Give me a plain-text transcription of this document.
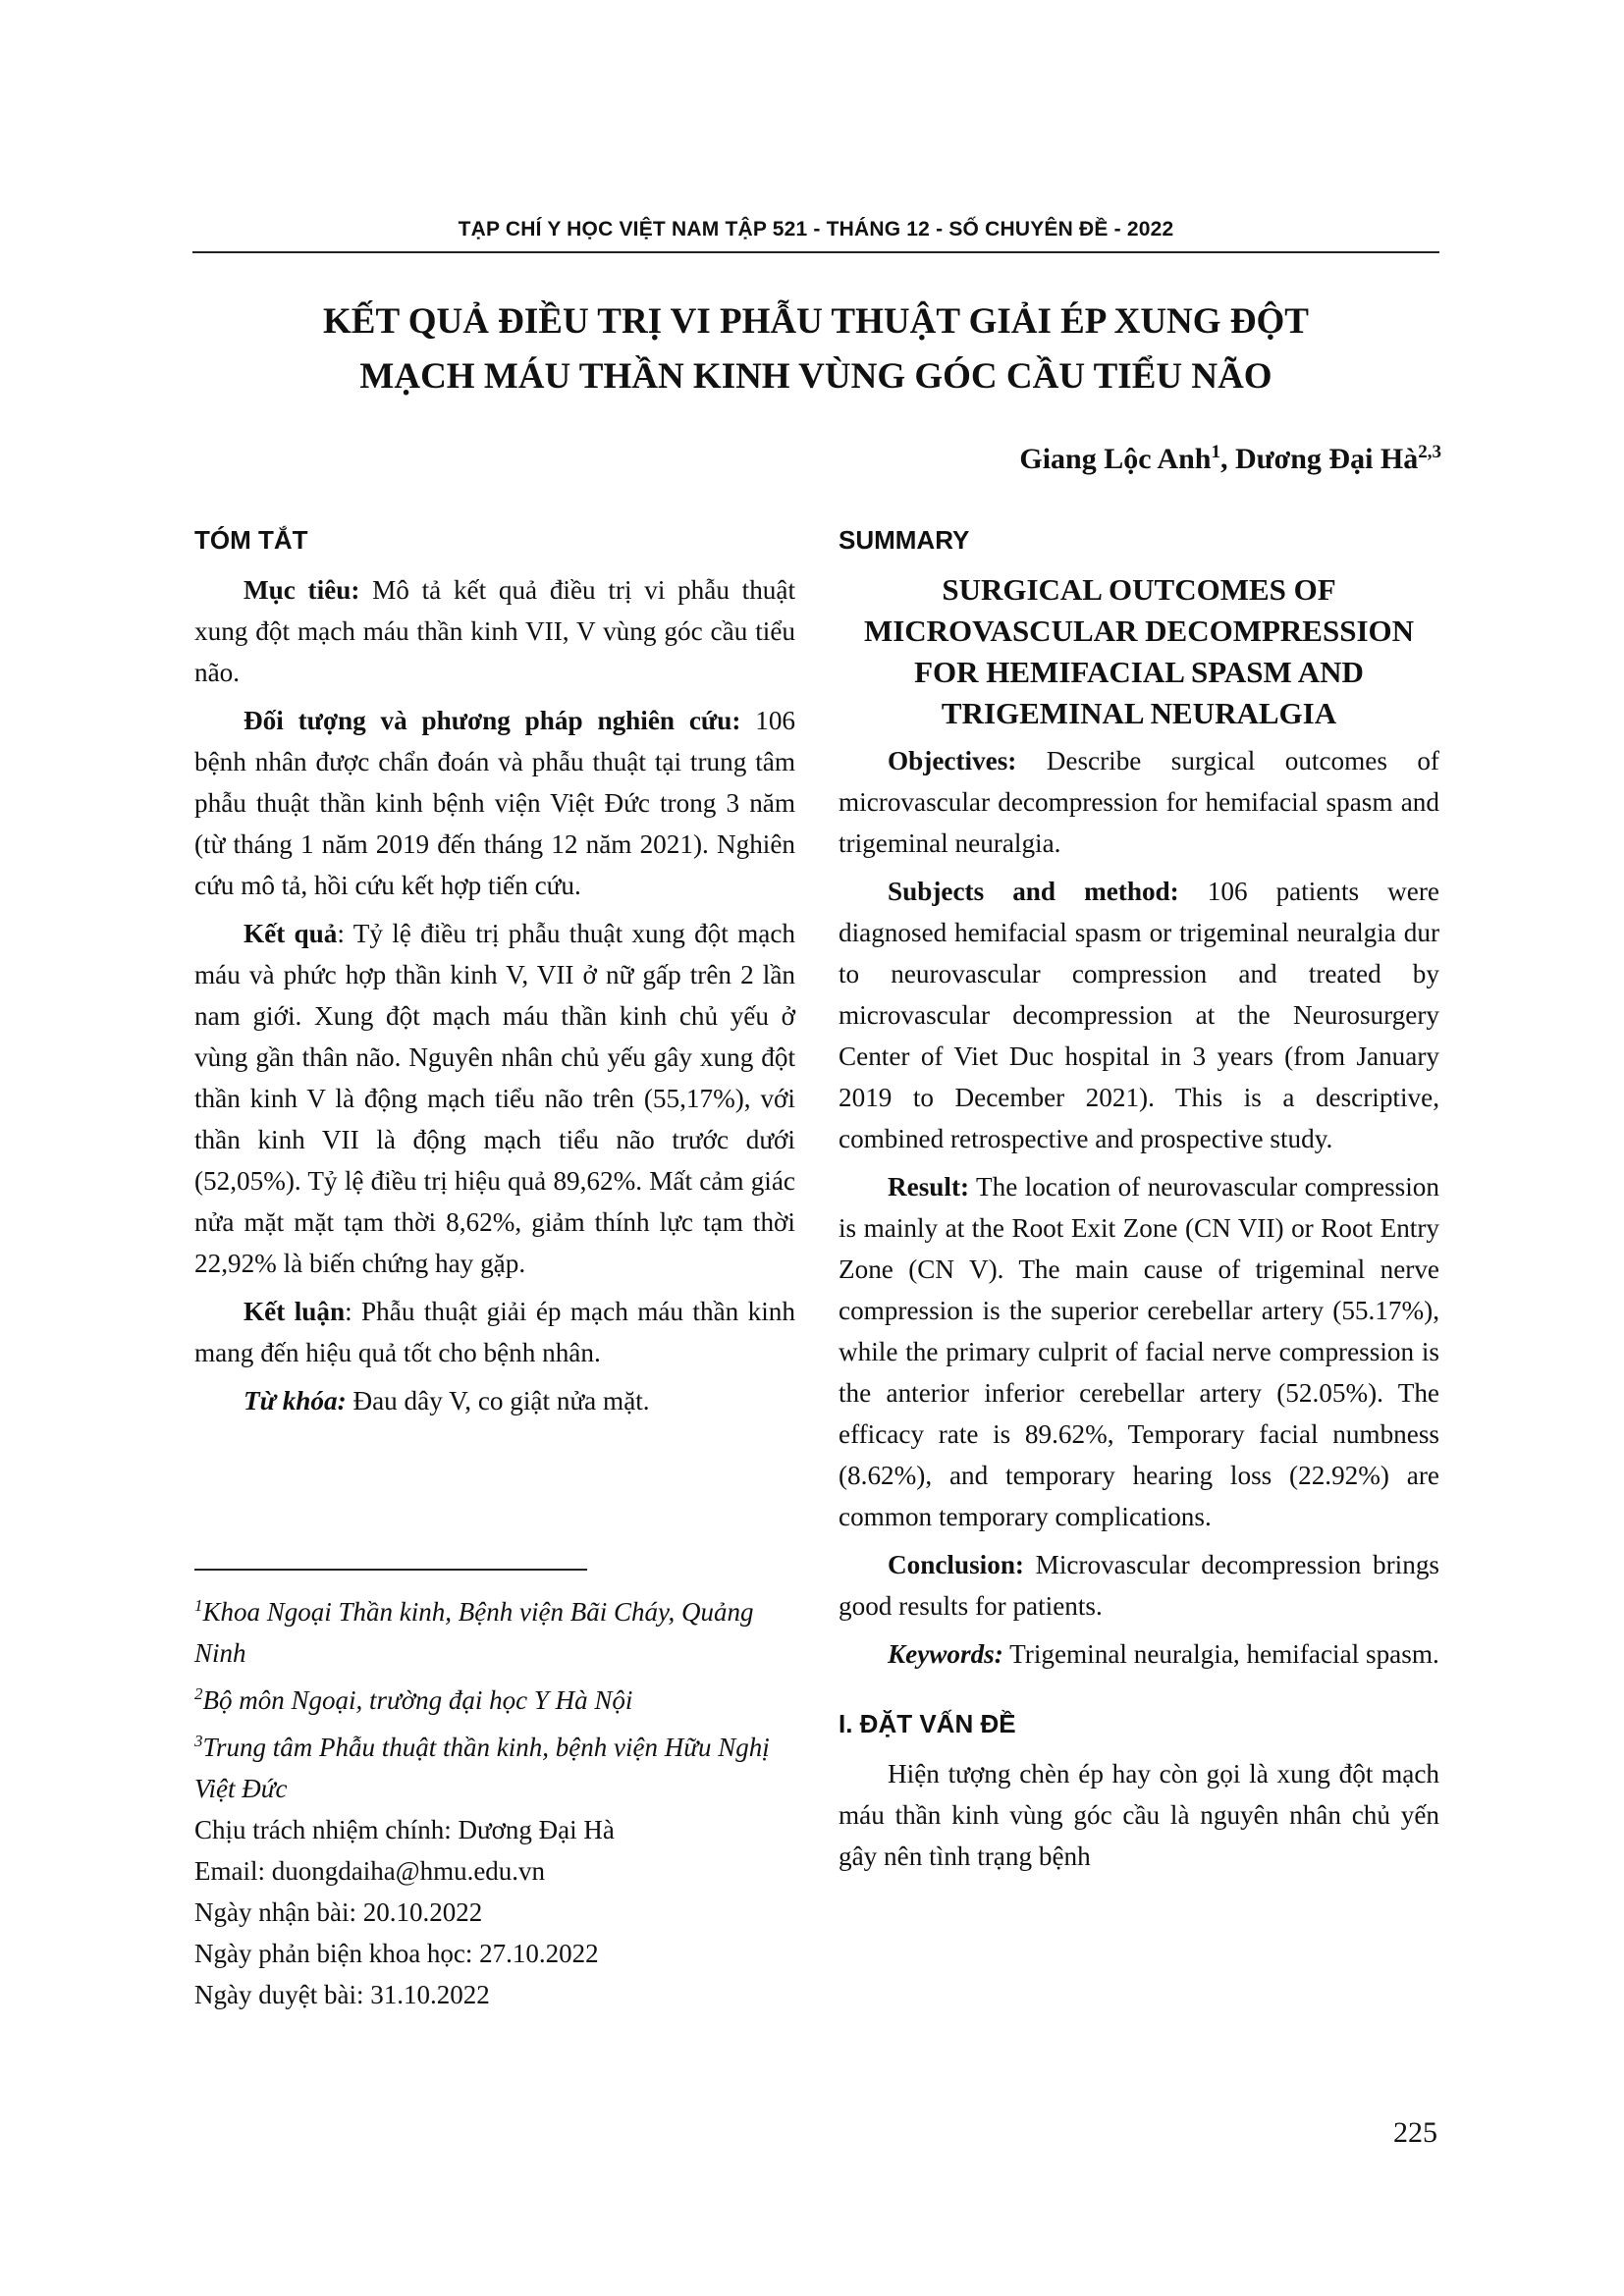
TẠP CHÍ Y HỌC VIỆT NAM TẬP 521 - THÁNG 12 - SỐ CHUYÊN ĐỀ - 2022
KẾT QUẢ ĐIỀU TRỊ VI PHẪU THUẬT GIẢI ÉP XUNG ĐỘT
MẠCH MÁU THẦN KINH VÙNG GÓC CẦU TIỂU NÃO
Giang Lộc Anh$^1$, Dương Đại Hà$^{2,3}$
TÓM TẮT

Mục tiêu: Mô tả kết quả điều trị vi phẫu thuật xung đột mạch máu thần kinh VII, V vùng góc cầu tiểu não.

Đối tượng và phương pháp nghiên cứu: 106 bệnh nhân được chẩn đoán và phẫu thuật tại trung tâm phẫu thuật thần kinh bệnh viện Việt Đức trong 3 năm (từ tháng 1 năm 2019 đến tháng 12 năm 2021). Nghiên cứu mô tả, hồi cứu kết hợp tiến cứu.

Kết quả: Tỷ lệ điều trị phẫu thuật xung đột mạch máu và phức hợp thần kinh V, VII ở nữ gấp trên 2 lần nam giới. Xung đột mạch máu thần kinh chủ yếu ở vùng gần thân não. Nguyên nhân chủ yếu gây xung đột thần kinh V là động mạch tiểu não trên (55,17%), với thần kinh VII là động mạch tiểu não trước dưới (52,05%). Tỷ lệ điều trị hiệu quả 89,62%. Mất cảm giác nửa mặt mặt tạm thời 8,62%, giảm thính lực tạm thời 22,92% là biến chứng hay gặp.

Kết luận: Phẫu thuật giải ép mạch máu thần kinh mang đến hiệu quả tốt cho bệnh nhân.

Từ khóa: Đau dây V, co giật nửa mặt.

$^1$Khoa Ngoại Thần kinh, Bệnh viện Bãi Cháy, Quảng Ninh
$^2$Bộ môn Ngoại, trường đại học Y Hà Nội
$^3$Trung tâm Phẫu thuật thần kinh, bệnh viện Hữu Nghị Việt Đức
Chịu trách nhiệm chính: Dương Đại Hà
Email: duongdaiha@hmu.edu.vn
Ngày nhận bài: 20.10.2022
Ngày phản biện khoa học: 27.10.2022
Ngày duyệt bài: 31.10.2022
SUMMARY
SURGICAL OUTCOMES OF
MICROVASCULAR DECOMPRESSION
FOR HEMIFACIAL SPASM AND
TRIGEMINAL NEURALGIA

Objectives: Describe surgical outcomes of microvascular decompression for hemifacial spasm and trigeminal neuralgia.

Subjects and method: 106 patients were diagnosed hemifacial spasm or trigeminal neuralgia dur to neurovascular compression and treated by microvascular decompression at the Neurosurgery Center of Viet Duc hospital in 3 years (from January 2019 to December 2021). This is a descriptive, combined retrospective and prospective study.

Result: The location of neurovascular compression is mainly at the Root Exit Zone (CN VII) or Root Entry Zone (CN V). The main cause of trigeminal nerve compression is the superior cerebellar artery (55.17%), while the primary culprit of facial nerve compression is the anterior inferior cerebellar artery (52.05%). The efficacy rate is 89.62%, Temporary facial numbness (8.62%), and temporary hearing loss (22.92%) are common temporary complications.

Conclusion: Microvascular decompression brings good results for patients.

Keywords: Trigeminal neuralgia, hemifacial spasm.

I. ĐẶT VẤN ĐỀ

Hiện tượng chèn ép hay còn gọi là xung đột mạch máu thần kinh vùng góc cầu là nguyên nhân chủ yến gây nên tình trạng bệnh

225
